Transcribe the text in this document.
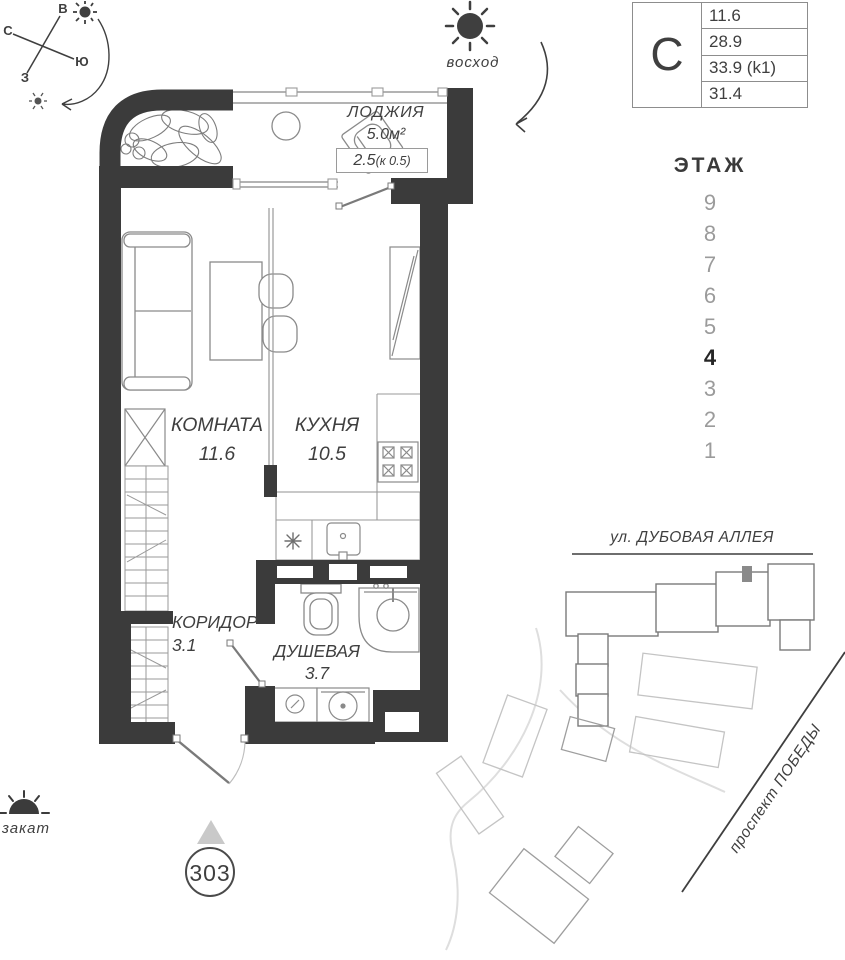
С
11.6
28.9
33.9 (k1)
31.4
ЭТАЖ
9
8
7
6
5
4
3
2
1
В
С
Ю
З
восход
закат
ЛОДЖИЯ
5.0м²
2.5(к 0.5)
КОМНАТА
11.6
КУХНЯ
10.5
КОРИДОР
3.1	ДУШЕВАЯ
3.7
303
ул. ДУБОВАЯ АЛЛЕЯ
проспект ПОБЕДЫ
